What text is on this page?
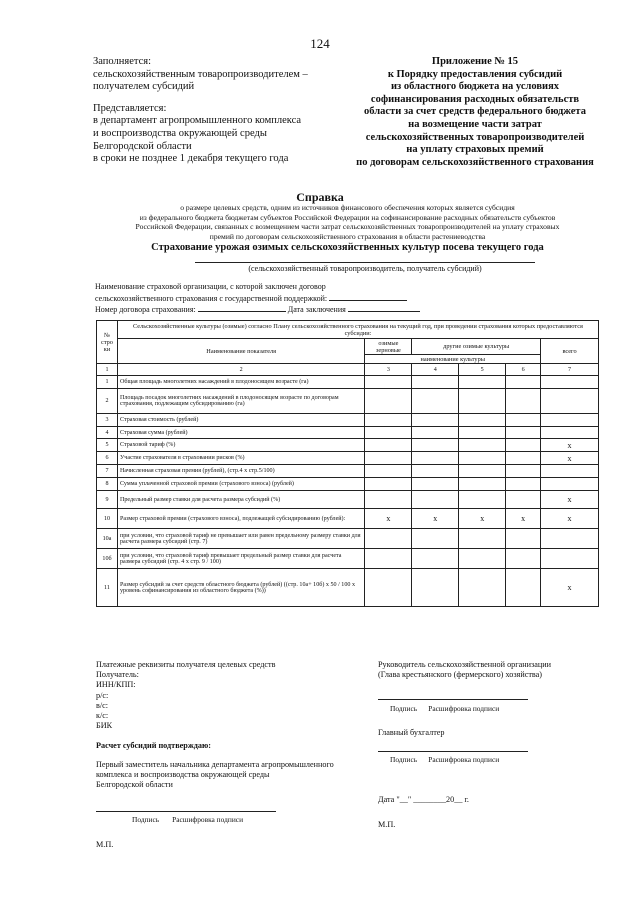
124
Заполняется:
сельскохозяйственным товаропроизводителем –
получателем субсидий
Представляется:
в департамент агропромышленного комплекса
и воспроизводства окружающей среды
Белгородской области
в сроки не позднее 1 декабря текущего года
Приложение № 15
к Порядку предоставления субсидий
из областного бюджета на условиях
софинансирования расходных обязательств
области за счет средств федерального бюджета
на возмещение части затрат
сельскохозяйственных товаропроизводителей
на уплату страховых премий
по договорам сельскохозяйственного страхования
Справка
о размере целевых средств, одним из источников финансового обеспечения которых является субсидия
из федерального бюджета бюджетам субъектов Российской Федерации на софинансирование расходных обязательств субъектов
Российской Федерации, связанных с возмещением части затрат сельскохозяйственных товаропроизводителей на уплату страховых
премий по договорам сельскохозяйственного страхования в области растениеводства
Страхование урожая озимых сельскохозяйственных культур посева текущего года
(сельскохозяйственный товаропроизводитель, получатель субсидий)
Наименование страховой организации, с которой заключен договор
сельскохозяйственного страхования с государственной поддержкой:
Номер договора страхования:	Дата заключения
№ стро ки	Сельскохозяйственные культуры (озимые) согласно Плану сельскохозяйственного страхования на текущий год, при проведении страхования которых предоставляются субсидии:					
	Наименование показателя	озимые зерновые	другие озимые культуры			всего
		наименование культуры				
1	2	3	4	5	6	7
1	Общая площадь многолетних насаждений в плодоносящем возрасте (га)					
2	Площадь посадок многолетних насаждений в плодоносящем возрасте по договорам страхования, подлежащим субсидированию (га)					
3	Страховая стоимость (рублей)					
4	Страховая сумма (рублей)					
5	Страховой тариф (%)					x
6	Участие страхователя в страховании рисков (%)					x
7	Начисленная страховая премия (рублей), (стр.4 х стр.5/100)					
8	Сумма уплаченной страховой премии (страхового взноса) (рублей)					
9	Предельный размер ставки для расчета размера субсидий (%)					x
10	Размер страховой премии (страхового взноса), подлежащей субсидированию (рублей):	x	x	x	x	x
10а	при условии, что страховой тариф не превышает или равен предельному размеру ставки для расчета размера субсидий (стр. 7)					
10б	при условии, что страховой тариф превышает предельный размер ставки для расчета размера субсидий (стр. 4 х стр. 9 / 100)					
11	Размер субсидий за счет средств областного бюджета (рублей) ((стр. 10а+ 10б) х 50 / 100 х уровень софинансирования из областного бюджета (%))					x
Платежные реквизиты получателя целевых средств
Получатель:
ИНН/КПП:
р/с:
в/с:
к/с:
БИК
Расчет субсидий подтверждаю:
Первый заместитель начальника департамента агропромышленного
комплекса и воспроизводства окружающей среды
Белгородской области
Подпись Расшифровка подписи
М.П.
Руководитель сельскохозяйственной организации
(Глава крестьянского (фермерского) хозяйства)
Подпись Расшифровка подписи
Главный бухгалтер
Подпись Расшифровка подписи
Дата "__" ________20__ г.
М.П.
